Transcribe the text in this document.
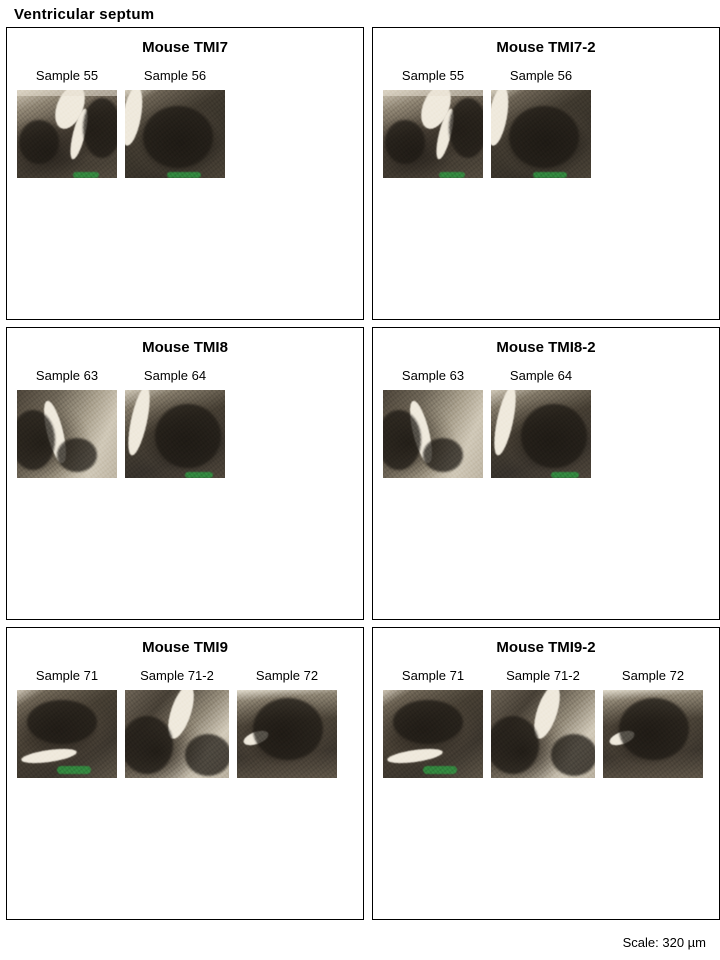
Ventricular septum
Mouse TMI7
Sample 55	Sample 56
Mouse TMI7-2
Sample 55	Sample 56
Mouse TMI8
Sample 63	Sample 64
Mouse TMI8-2
Sample 63	Sample 64
Mouse TMI9
Sample 71	Sample 71-2	Sample 72
Mouse TMI9-2
Sample 71	Sample 71-2	Sample 72
Scale: 320 µm
